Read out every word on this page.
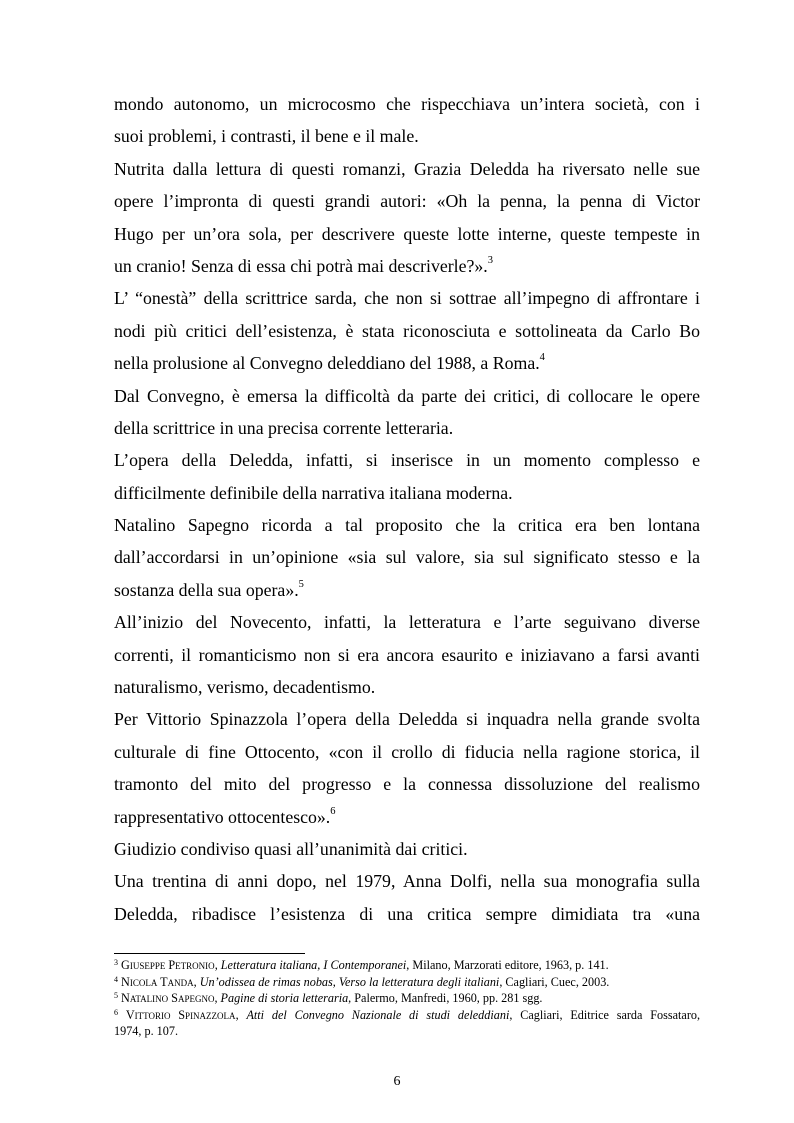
mondo autonomo, un microcosmo che rispecchiava un’intera società, con i
suoi problemi, i contrasti, il bene e il male.
Nutrita dalla lettura di questi romanzi, Grazia Deledda ha riversato nelle sue
opere l’impronta di questi grandi autori: «Oh la penna, la penna di Victor
Hugo per un’ora sola, per descrivere queste lotte interne, queste tempeste in
un cranio! Senza di essa chi potrà mai descriverle?».$^3$
L’ “onestà” della scrittrice sarda, che non si sottrae all’impegno di affrontare i
nodi più critici dell’esistenza, è stata riconosciuta e sottolineata da Carlo Bo
nella prolusione al Convegno deleddiano del 1988, a Roma.$^4$
Dal Convegno, è emersa la difficoltà da parte dei critici, di collocare le opere
della scrittrice in una precisa corrente letteraria.
L’opera della Deledda, infatti, si inserisce in un momento complesso e
difficilmente definibile della narrativa italiana moderna.
Natalino Sapegno ricorda a tal proposito che la critica era ben lontana
dall’accordarsi in un’opinione «sia sul valore, sia sul significato stesso e la
sostanza della sua opera».$^5$
All’inizio del Novecento, infatti, la letteratura e l’arte seguivano diverse
correnti, il romanticismo non si era ancora esaurito e iniziavano a farsi avanti
naturalismo, verismo, decadentismo.
Per Vittorio Spinazzola l’opera della Deledda si inquadra nella grande svolta
culturale di fine Ottocento, «con il crollo di fiducia nella ragione storica, il
tramonto del mito del progresso e la connessa dissoluzione del realismo
rappresentativo ottocentesco».$^6$
Giudizio condiviso quasi all’unanimità dai critici.
Una trentina di anni dopo, nel 1979, Anna Dolfi, nella sua monografia sulla
Deledda, ribadisce l’esistenza di una critica sempre dimidiata tra «una
$^3$ Giuseppe Petronio, Letteratura italiana, I Contemporanei, Milano, Marzorati editore, 1963, p. 141.
$^4$ Nicola Tanda, Un’odissea de rimas nobas, Verso la letteratura degli italiani, Cagliari, Cuec, 2003.
$^5$ Natalino Sapegno, Pagine di storia letteraria, Palermo, Manfredi, 1960, pp. 281 sgg.
$^6$ Vittorio Spinazzola, Atti del Convegno Nazionale di studi deleddiani, Cagliari, Editrice sarda Fossataro,
1974, p. 107.
6
